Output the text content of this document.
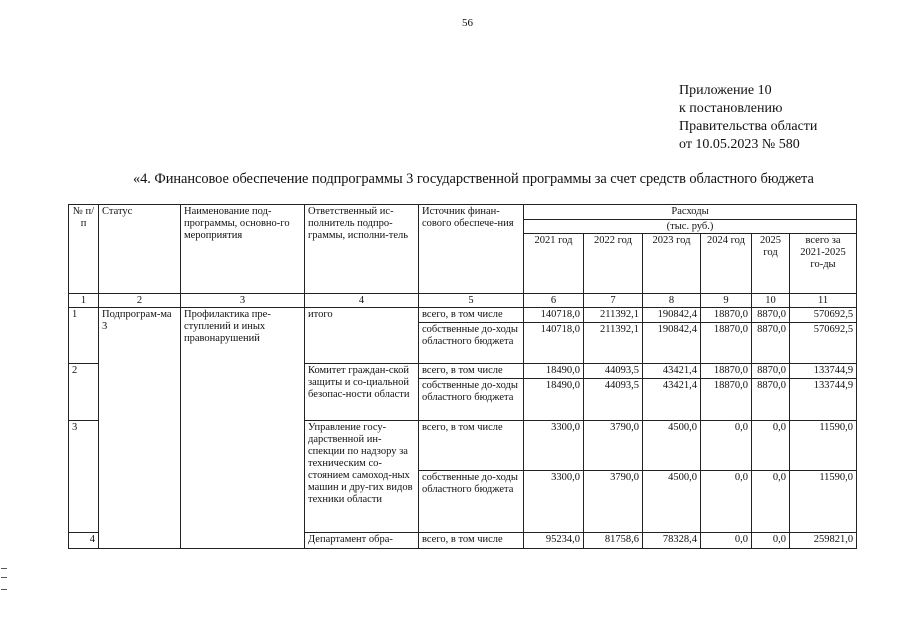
56
Приложение 10
к постановлению
Правительства области
от 10.05.2023 № 580
«4. Финансовое обеспечение подпрограммы 3 государственной программы за счет средств областного бюджета
№ п/п	Статус	Наименование под-программы, основно-го мероприятия	Ответственный ис-полнитель подпро-граммы, исполни-тель	Источник финан-сового обеспече-ния	Расходы					
					(тыс. руб.)					
					2021 год	2022 год	2023 год	2024 год	2025 год	всего за 2021-2025 го-ды
1	2	3	4	5	6	7	8	9	10	11
1	Подпрограм-ма 3	Профилактика пре-ступлений и иных правонарушений	итого	всего, в том числе	140718,0	211392,1	190842,4	18870,0	8870,0	570692,5
				собственные до-ходы областного бюджета	140718,0	211392,1	190842,4	18870,0	8870,0	570692,5
2			Комитет граждан-ской защиты и со-циальной безопас-ности области	всего, в том числе	18490,0	44093,5	43421,4	18870,0	8870,0	133744,9
				собственные до-ходы областного бюджета	18490,0	44093,5	43421,4	18870,0	8870,0	133744,9
3			Управление госу-дарственной ин-спекции по надзору за техническим со-стоянием самоход-ных машин и дру-гих видов техники области	всего, в том числе	3300,0	3790,0	4500,0	0,0	0,0	11590,0
				собственные до-ходы областного бюджета	3300,0	3790,0	4500,0	0,0	0,0	11590,0
4			Департамент обра-	всего, в том числе	95234,0	81758,6	78328,4	0,0	0,0	259821,0
